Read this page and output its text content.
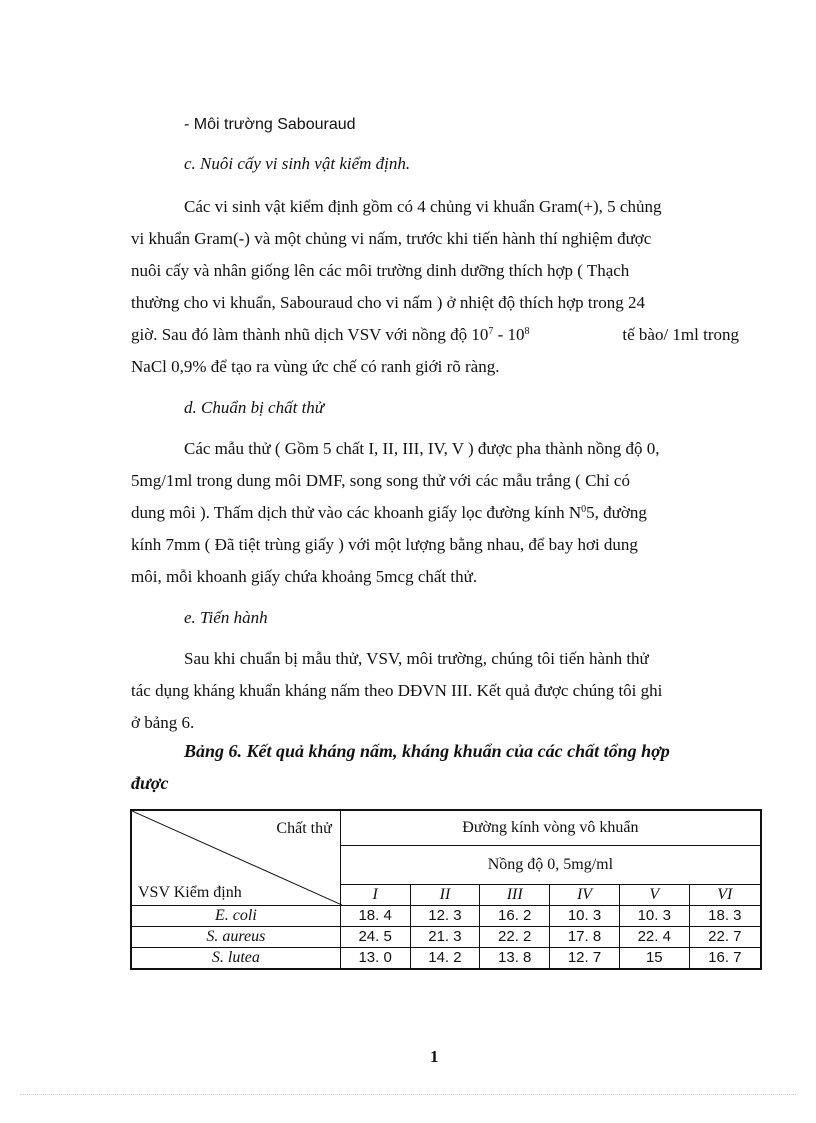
- Môi trường Sabouraud
c. Nuôi cấy vi sinh vật kiểm định.
Các vi sinh vật kiểm định gồm có 4 chủng vi khuẩn Gram(+), 5 chủng
vi khuẩn Gram(-) và một chủng vi nấm, trước khi tiến hành thí nghiệm được
nuôi cấy và nhân giống lên các môi trường dinh dưỡng thích hợp ( Thạch
thường cho vi khuẩn, Sabouraud cho vi nấm ) ở nhiệt độ thích hợp trong 24
giờ. Sau đó làm thành nhũ dịch VSV với nồng độ $10^7 - 10^8$	tế bào/ 1ml trong
NaCl 0,9% để tạo ra vùng ức chế có ranh giới rõ ràng.
d. Chuẩn bị chất thử
Các mẫu thử ( Gồm 5 chất I, II, III, IV, V ) được pha thành nồng độ 0,
5mg/1ml trong dung môi DMF, song song thử với các mẫu trắng ( Chỉ có
dung môi ). Thấm dịch thử vào các khoanh giấy lọc đường kính $N^05$, đường
kính 7mm ( Đã tiệt trùng giấy ) với một lượng bằng nhau, để bay hơi dung
môi, mỗi khoanh giấy chứa khoảng 5mcg chất thử.
e. Tiến hành
Sau khi chuẩn bị mẫu thử, VSV, môi trường, chúng tôi tiến hành thử
tác dụng kháng khuẩn kháng nấm theo DĐVN III. Kết quả được chúng tôi ghi
ở bảng 6.
Bảng 6. Kết quả kháng nấm, kháng khuẩn của các chất tổng hợp
được
Chất thử
VSV Kiểm định	Đường kính vòng vô khuẩn					
	Nồng độ 0, 5mg/ml					
	I	II	III	IV	V	VI
E. coli	18. 4	12. 3	16. 2	10. 3	10. 3	18. 3
S. aureus	24. 5	21. 3	22. 2	17. 8	22. 4	22. 7
S. lutea	13. 0	14. 2	13. 8	12. 7	15	16. 7
1
